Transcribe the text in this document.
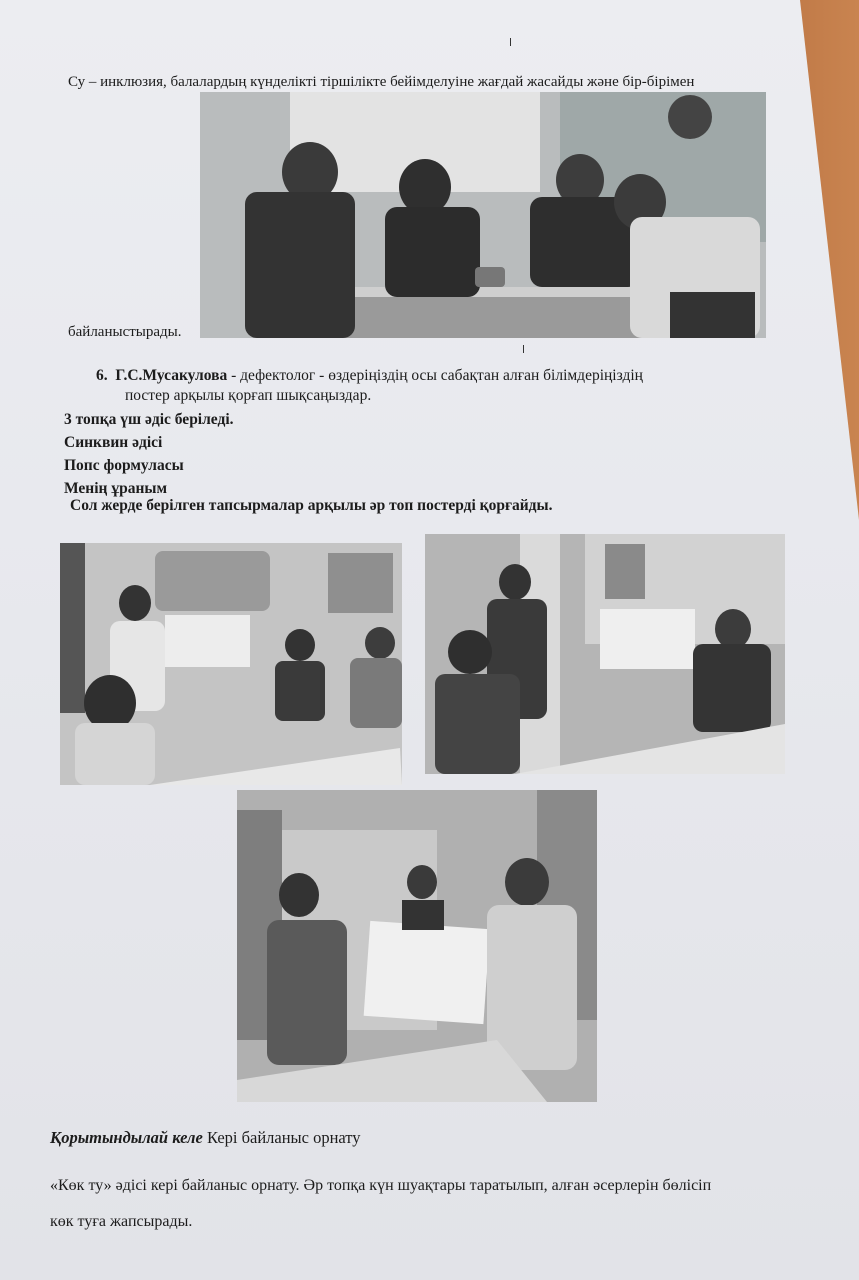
Су – инклюзия, балалардың күнделікті тіршілікте бейімделуіне жағдай жасайды және бір-бірімен
байланыстырады.
6. Г.С.Мусакулова - дефектолог - өздеріңіздің осы сабақтан алған білімдеріңіздің
постер арқылы қорғап шықсаңыздар.
3 топқа үш әдіс беріледі.
Синквин әдісі
Попс формуласы
Менің ұраным
Сол жерде берілген тапсырмалар арқылы әр топ постерді қорғайды.
Қорытындылай келе Кері байланыс орнату
«Көк ту» әдісі кері байланыс орнату. Әр топқа күн шуақтары таратылып, алған әсерлерін бөлісіп
көк туға жапсырады.
